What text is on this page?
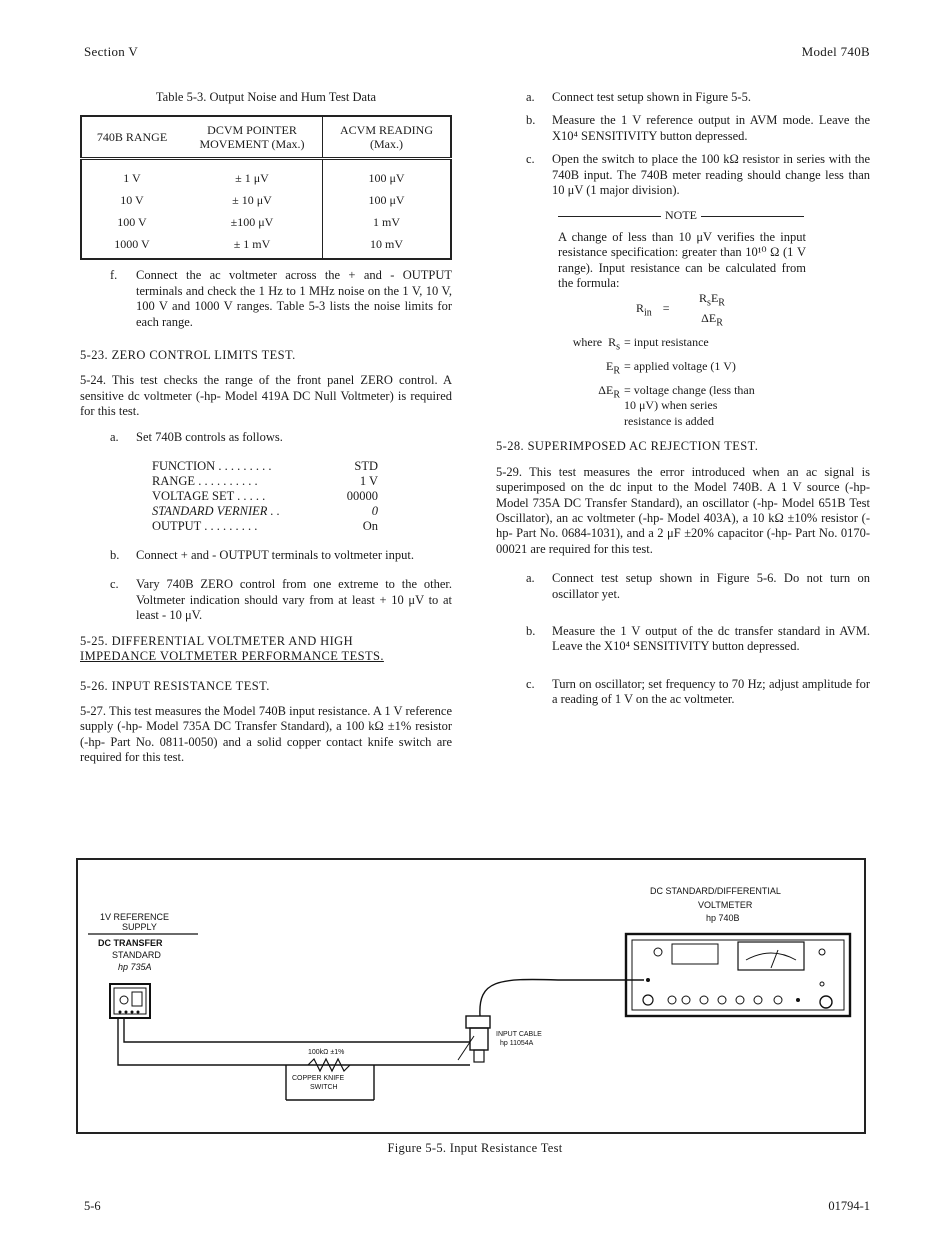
Section V	Model 740B
Table 5-3. Output Noise and Hum Test Data
740B RANGE	DCVM POINTER MOVEMENT (Max.)	ACVM READING (Max.)
1 V	± 1 μV	100 μV
10 V	± 10 μV	100 μV
100 V	±100 μV	1 mV
1000 V	± 1 mV	10 mV
f.	Connect the ac voltmeter across the + and - OUTPUT terminals and check the 1 Hz to 1 MHz noise on the 1 V, 10 V, 100 V and 1000 V ranges. Table 5-3 lists the noise limits for each range.
5-23. ZERO CONTROL LIMITS TEST.

5-24. This test checks the range of the front panel ZERO control. A sensitive dc voltmeter (-hp- Model 419A DC Null Voltmeter) is required for this test.

a.	Set 740B controls as follows.
FUNCTION . . . . . . . . .	STD
RANGE . . . . . . . . . .	1 V
VOLTAGE SET . . . . .	00000
STANDARD VERNIER . .	0
OUTPUT . . . . . . . . .	On
b.	Connect + and - OUTPUT terminals to voltmeter input.
c.	Vary 740B ZERO control from one extreme to the other. Voltmeter indication should vary from at least + 10 μV to at least - 10 μV.
5-25. DIFFERENTIAL VOLTMETER AND HIGH
IMPEDANCE VOLTMETER PERFORMANCE TESTS.
5-26. INPUT RESISTANCE TEST.

5-27. This test measures the Model 740B input resistance. A 1 V reference supply (-hp- Model 735A DC Transfer Standard), a 100 kΩ ±1% resistor (-hp- Part No. 0811-0050) and a solid copper contact knife switch are required for this test.

a.	Connect test setup shown in Figure 5-5.
b.	Measure the 1 V reference output in AVM mode. Leave the X10⁴ SENSITIVITY button depressed.
c.	Open the switch to place the 100 kΩ resistor in series with the 740B input. The 740B meter reading should change less than 10 μV (1 major division).
NOTE
A change of less than 10 μV verifies the input resistance specification: greater than 10¹⁰ Ω (1 V range). Input resistance can be calculated from the formula:
$R_{in}$ =
$R_sE_R$
$\Delta E_R$
where $R_s$ = input resistance
$E_R$ = applied voltage (1 V)
$\Delta E_R$ = voltage change (less than 10 μV) when series resistance is added
5-28. SUPERIMPOSED AC REJECTION TEST.

5-29. This test measures the error introduced when an ac signal is superimposed on the dc input to the Model 740B. A 1 V source (-hp- Model 735A DC Transfer Standard), an oscillator (-hp- Model 651B Test Oscillator), an ac voltmeter (-hp- Model 403A), a 10 kΩ ±10% resistor (-hp- Part No. 0684-1031), and a 2 μF ±20% capacitor (-hp- Part No. 0170-00021 are required for this test.

a.	Connect test setup shown in Figure 5-6. Do not turn on oscillator yet.
b.	Measure the 1 V output of the dc transfer standard in AVM. Leave the X10⁴ SENSITIVITY button depressed.
c.	Turn on oscillator; set frequency to 70 Hz; adjust amplitude for a reading of 1 V on the ac voltmeter.
1V REFERENCE
SUPPLY
DC TRANSFER
STANDARD
hp 735A
100kΩ ±1%
COPPER KNIFE
SWITCH
INPUT CABLE
hp 11054A
DC STANDARD/DIFFERENTIAL
VOLTMETER
hp 740B
Figure 5-5. Input Resistance Test
5-6	01794-1
